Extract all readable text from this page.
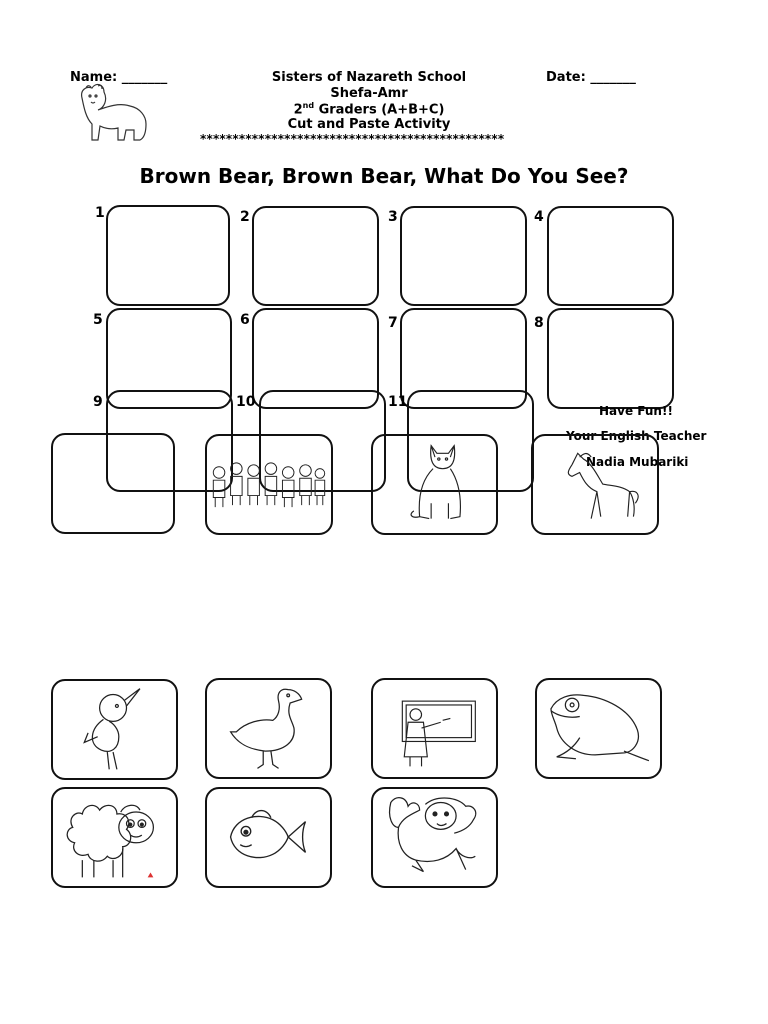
Name: _______	Date: _______
Sisters of Nazareth School
Shefa-Amr
2nd Graders (A+B+C)
Cut and Paste Activity
***********************************************
Brown Bear, Brown Bear, What Do You See?
1	2	3	4
5	6	7	8
9	10	11
Have Fun!!
Your English Teacher
Nadia Mubariki
